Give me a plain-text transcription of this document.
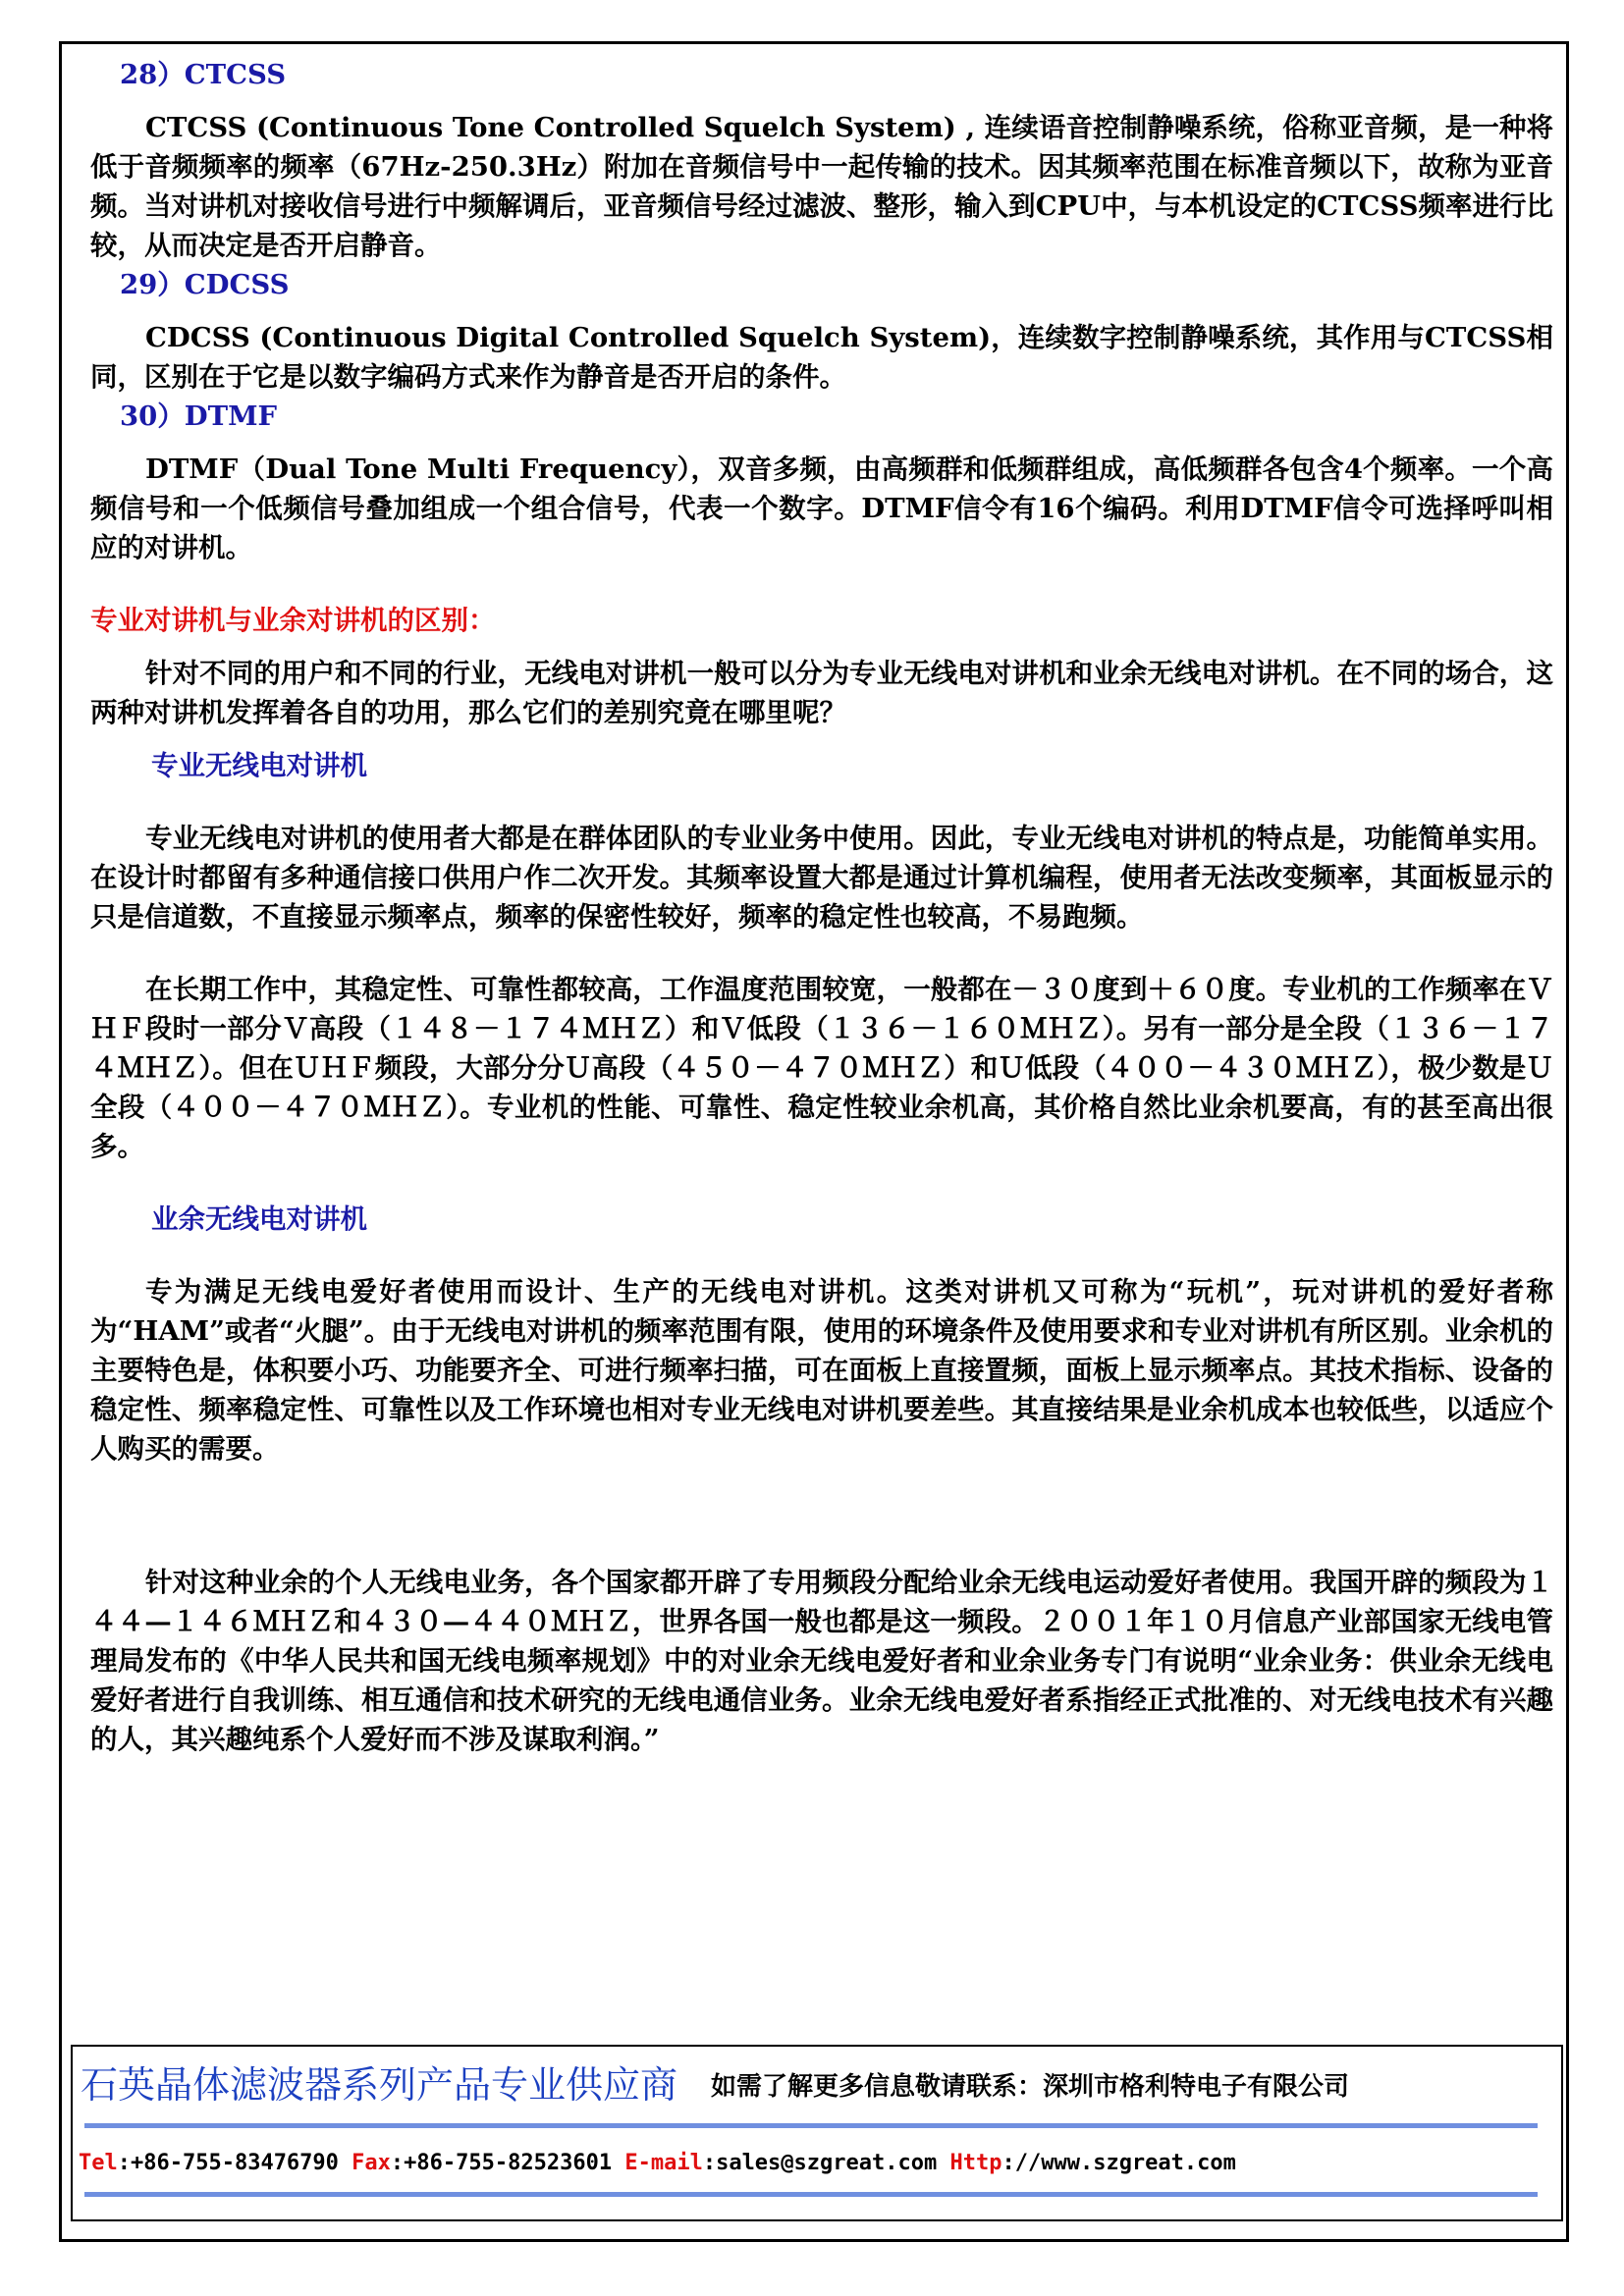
28）CTCSS

CTCSS (Continuous Tone Controlled Squelch System) , 连续语音控制静噪系统，俗称亚音频，是一种将低于音频频率的频率（67Hz-250.3Hz）附加在音频信号中一起传输的技术。因其频率范围在标准音频以下，故称为亚音频。当对讲机对接收信号进行中频解调后，亚音频信号经过滤波、整形，输入到CPU中，与本机设定的CTCSS频率进行比较，从而决定是否开启静音。

29）CDCSS

CDCSS (Continuous Digital Controlled Squelch System)，连续数字控制静噪系统，其作用与CTCSS相同，区别在于它是以数字编码方式来作为静音是否开启的条件。

30）DTMF

DTMF（Dual Tone Multi Frequency），双音多频，由高频群和低频群组成，高低频群各包含4个频率。一个高频信号和一个低频信号叠加组成一个组合信号，代表一个数字。DTMF信令有16个编码。利用DTMF信令可选择呼叫相应的对讲机。

专业对讲机与业余对讲机的区别：

针对不同的用户和不同的行业，无线电对讲机一般可以分为专业无线电对讲机和业余无线电对讲机。在不同的场合，这两种对讲机发挥着各自的功用，那么它们的差别究竟在哪里呢？

专业无线电对讲机

专业无线电对讲机的使用者大都是在群体团队的专业业务中使用。因此，专业无线电对讲机的特点是，功能简单实用。在设计时都留有多种通信接口供用户作二次开发。其频率设置大都是通过计算机编程，使用者无法改变频率，其面板显示的只是信道数，不直接显示频率点，频率的保密性较好，频率的稳定性也较高，不易跑频。

在长期工作中，其稳定性、可靠性都较高，工作温度范围较宽，一般都在－３０度到＋６０度。专业机的工作频率在ＶＨＦ段时一部分Ｖ高段（１４８－１７４ＭＨＺ）和Ｖ低段（１３６－１６０ＭＨＺ）。另有一部分是全段（１３６－１７４ＭＨＺ）。但在ＵＨＦ频段，大部分分Ｕ高段（４５０－４７０ＭＨＺ）和Ｕ低段（４００－４３０ＭＨＺ），极少数是Ｕ全段（４００－４７０ＭＨＺ）。专业机的性能、可靠性、稳定性较业余机高，其价格自然比业余机要高，有的甚至高出很多。

业余无线电对讲机

专为满足无线电爱好者使用而设计、生产的无线电对讲机。这类对讲机又可称为“玩机”，玩对讲机的爱好者称为“HAM”或者“火腿”。由于无线电对讲机的频率范围有限，使用的环境条件及使用要求和专业对讲机有所区别。业余机的主要特色是，体积要小巧、功能要齐全、可进行频率扫描，可在面板上直接置频，面板上显示频率点。其技术指标、设备的稳定性、频率稳定性、可靠性以及工作环境也相对专业无线电对讲机要差些。其直接结果是业余机成本也较低些，以适应个人购买的需要。

针对这种业余的个人无线电业务，各个国家都开辟了专用频段分配给业余无线电运动爱好者使用。我国开辟的频段为１４４—１４６ＭＨＺ和４３０—４４０ＭＨＺ，世界各国一般也都是这一频段。２００１年１０月信息产业部国家无线电管理局发布的《中华人民共和国无线电频率规划》中的对业余无线电爱好者和业余业务专门有说明“业余业务：供业余无线电爱好者进行自我训练、相互通信和技术研究的无线电通信业务。业余无线电爱好者系指经正式批准的、对无线电技术有兴趣的人，其兴趣纯系个人爱好而不涉及谋取利润。”

石英晶体滤波器系列产品专业供应商 如需了解更多信息敬请联系：深圳市格利特电子有限公司
Tel:+86-755-83476790 Fax:+86-755-82523601 E-mail:sales@szgreat.com Http://www.szgreat.com
